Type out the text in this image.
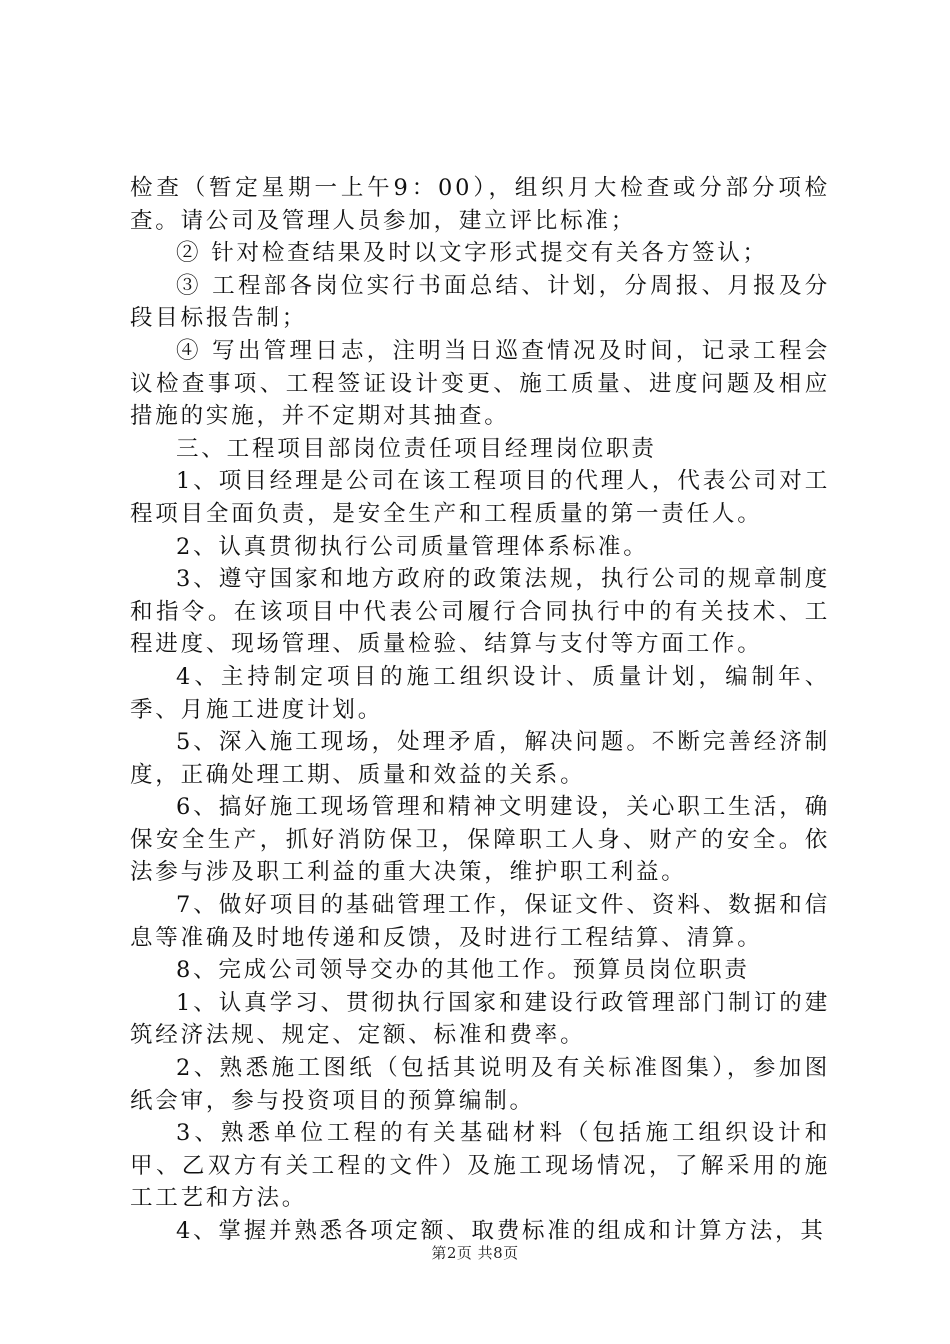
检查（暂定星期一上午9：00），组织月大检查或分部分项检查。请公司及管理人员参加，建立评比标准；

② 针对检查结果及时以文字形式提交有关各方签认；

③ 工程部各岗位实行书面总结、计划，分周报、月报及分段目标报告制；

④ 写出管理日志，注明当日巡查情况及时间，记录工程会议检查事项、工程签证设计变更、施工质量、进度问题及相应措施的实施，并不定期对其抽查。

三、工程项目部岗位责任项目经理岗位职责

1、项目经理是公司在该工程项目的代理人，代表公司对工程项目全面负责，是安全生产和工程质量的第一责任人。

2、认真贯彻执行公司质量管理体系标准。

3、遵守国家和地方政府的政策法规，执行公司的规章制度和指令。在该项目中代表公司履行合同执行中的有关技术、工程进度、现场管理、质量检验、结算与支付等方面工作。

4、主持制定项目的施工组织设计、质量计划，编制年、季、月施工进度计划。

5、深入施工现场，处理矛盾，解决问题。不断完善经济制度，正确处理工期、质量和效益的关系。

6、搞好施工现场管理和精神文明建设，关心职工生活，确保安全生产，抓好消防保卫，保障职工人身、财产的安全。依法参与涉及职工利益的重大决策，维护职工利益。

7、做好项目的基础管理工作，保证文件、资料、数据和信息等准确及时地传递和反馈，及时进行工程结算、清算。

8、完成公司领导交办的其他工作。预算员岗位职责

1、认真学习、贯彻执行国家和建设行政管理部门制订的建筑经济法规、规定、定额、标准和费率。

2、熟悉施工图纸（包括其说明及有关标准图集），参加图纸会审，参与投资项目的预算编制。

3、熟悉单位工程的有关基础材料（包括施工组织设计和甲、乙双方有关工程的文件）及施工现场情况，了解采用的施工工艺和方法。

4、掌握并熟悉各项定额、取费标准的组成和计算方法，其

第2页 共8页
